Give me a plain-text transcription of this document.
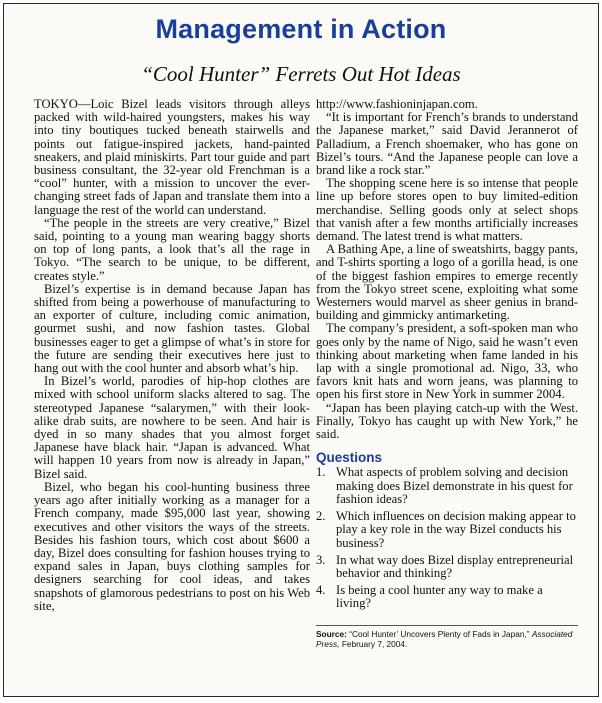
Management in Action
“Cool Hunter” Ferrets Out Hot Ideas

TOKYO—Loic Bizel leads visitors through alleys packed with wild-haired youngsters, makes his way into tiny boutiques tucked beneath stairwells and points out fatigue-inspired jackets, hand-painted sneakers, and plaid miniskirts. Part tour guide and part business consultant, the 32-year old Frenchman is a “cool” hunter, with a mission to uncover the ever-changing street fads of Japan and translate them into a language the rest of the world can understand.

“The people in the streets are very creative,” Bizel said, pointing to a young man wearing baggy shorts on top of long pants, a look that’s all the rage in Tokyo. “The search to be unique, to be different, creates style.”

Bizel’s expertise is in demand because Japan has shifted from being a powerhouse of manufacturing to an exporter of culture, including comic animation, gourmet sushi, and now fashion tastes. Global businesses eager to get a glimpse of what’s in store for the future are sending their executives here just to hang out with the cool hunter and absorb what’s hip.

In Bizel’s world, parodies of hip-hop clothes are mixed with school uniform slacks altered to sag. The stereotyped Japanese “salarymen,” with their look-alike drab suits, are nowhere to be seen. And hair is dyed in so many shades that you almost forget Japanese have black hair. “Japan is advanced. What will happen 10 years from now is already in Japan,” Bizel said.

Bizel, who began his cool-hunting business three years ago after initially working as a manager for a French company, made $95,000 last year, showing executives and other visitors the ways of the streets. Besides his fashion tours, which cost about $600 a day, Bizel does consulting for fashion houses trying to expand sales in Japan, buys clothing samples for designers searching for cool ideas, and takes snapshots of glamorous pedestrians to post on his Web site,

http://www.fashioninjapan.com.

“It is important for French’s brands to understand the Japanese market,” said David Jerannerot of Palladium, a French shoemaker, who has gone on Bizel’s tours. “And the Japanese people can love a brand like a rock star.”

The shopping scene here is so intense that people line up before stores open to buy limited-edition merchandise. Selling goods only at select shops that vanish after a few months artificially increases demand. The latest trend is what matters.

A Bathing Ape, a line of sweatshirts, baggy pants, and T-shirts sporting a logo of a gorilla head, is one of the biggest fashion empires to emerge recently from the Tokyo street scene, exploiting what some Westerners would marvel as sheer genius in brand-building and gimmicky antimarketing.

The company’s president, a soft-spoken man who goes only by the name of Nigo, said he wasn’t even thinking about marketing when fame landed in his lap with a single promotional ad. Nigo, 33, who favors knit hats and worn jeans, was planning to open his first store in New York in summer 2004.

“Japan has been playing catch-up with the West. Finally, Tokyo has caught up with New York,” he said.

Questions
1. What aspects of problem solving and decision making does Bizel demonstrate in his quest for fashion ideas?
2. Which influences on decision making appear to play a key role in the way Bizel conducts his business?
3. In what way does Bizel display entrepreneurial behavior and thinking?
4. Is being a cool hunter any way to make a living?
Source: “Cool Hunter’ Uncovers Plenty of Fads in Japan,” Associated Press, February 7, 2004.
